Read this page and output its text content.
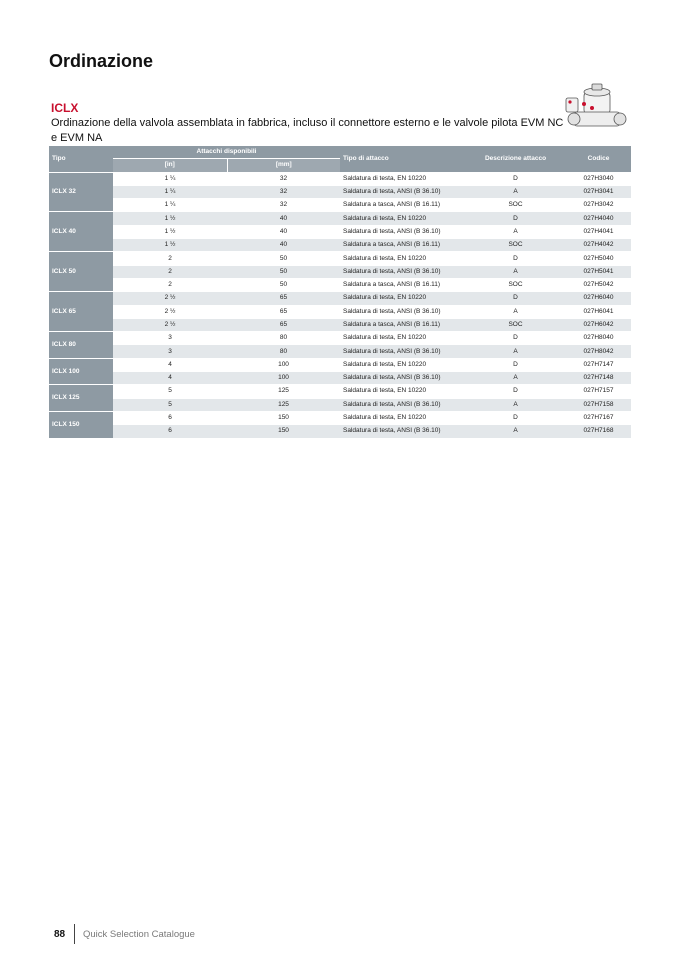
Ordinazione
ICLX
Ordinazione della valvola assemblata in fabbrica, incluso il connettore esterno e le valvole pilota EVM NC e EVM NA
Tipo	Attacchi disponibili		Tipo di attacco	Descrizione attacco	Codice
	[in]	[mm]			
ICLX 32	1 ¼	32	Saldatura di testa, EN 10220	D	027H3040
	1 ¼	32	Saldatura di testa, ANSI (B 36.10)	A	027H3041
	1 ¼	32	Saldatura a tasca, ANSI (B 16.11)	SOC	027H3042
ICLX 40	1 ½	40	Saldatura di testa, EN 10220	D	027H4040
	1 ½	40	Saldatura di testa, ANSI (B 36.10)	A	027H4041
	1 ½	40	Saldatura a tasca, ANSI (B 16.11)	SOC	027H4042
ICLX 50	2	50	Saldatura di testa, EN 10220	D	027H5040
	2	50	Saldatura di testa, ANSI (B 36.10)	A	027H5041
	2	50	Saldatura a tasca, ANSI (B 16.11)	SOC	027H5042
ICLX 65	2 ½	65	Saldatura di testa, EN 10220	D	027H6040
	2 ½	65	Saldatura di testa, ANSI (B 36.10)	A	027H6041
	2 ½	65	Saldatura a tasca, ANSI (B 16.11)	SOC	027H6042
ICLX 80	3	80	Saldatura di testa, EN 10220	D	027H8040
	3	80	Saldatura di testa, ANSI (B 36.10)	A	027H8042
ICLX 100	4	100	Saldatura di testa, EN 10220	D	027H7147
	4	100	Saldatura di testa, ANSI (B 36.10)	A	027H7148
ICLX 125	5	125	Saldatura di testa, EN 10220	D	027H7157
	5	125	Saldatura di testa, ANSI (B 36.10)	A	027H7158
ICLX 150	6	150	Saldatura di testa, EN 10220	D	027H7167
	6	150	Saldatura di testa, ANSI (B 36.10)	A	027H7168
88 Quick Selection Catalogue
